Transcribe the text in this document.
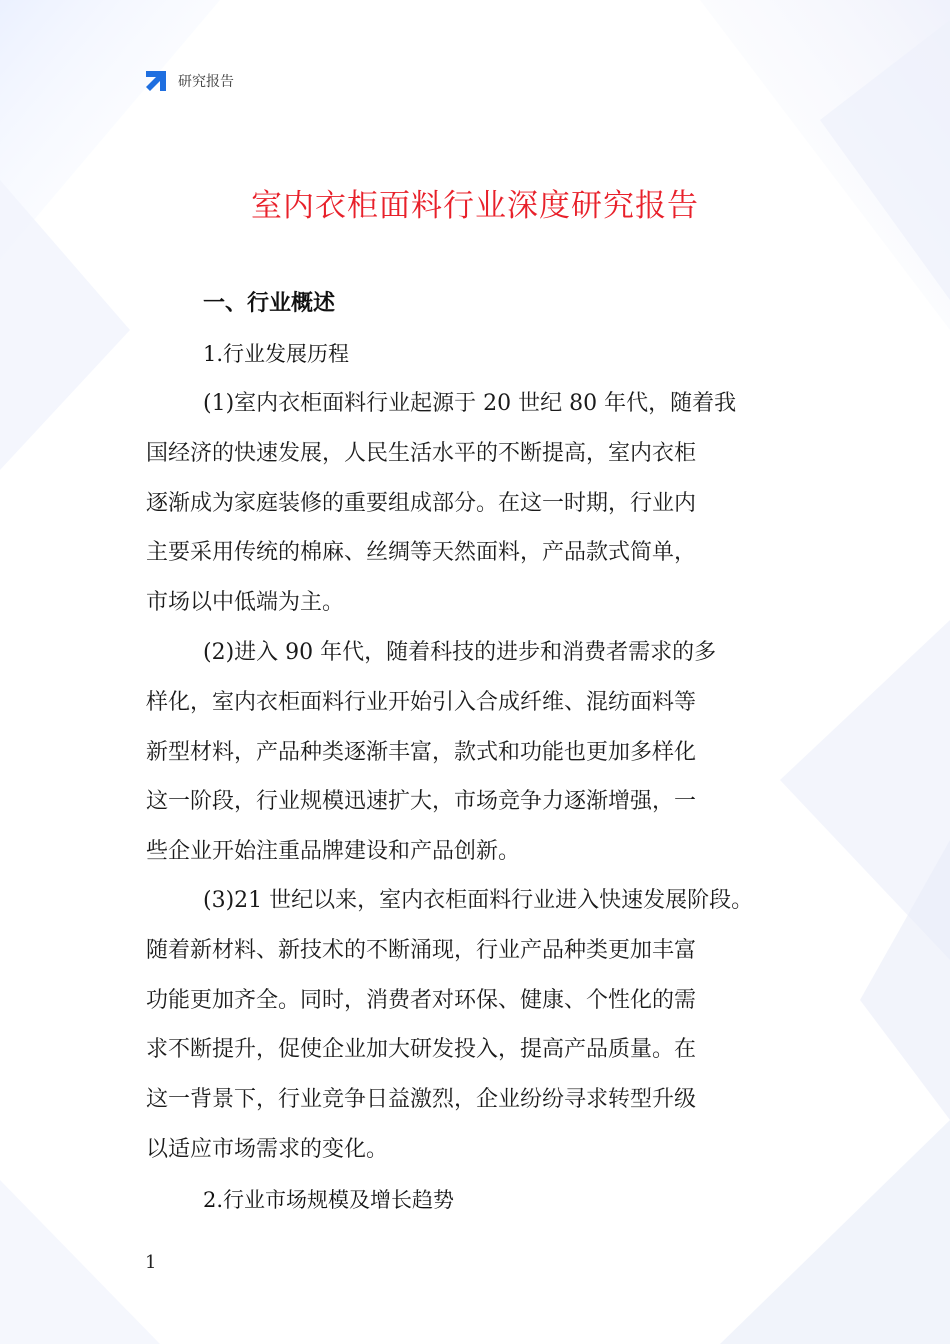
研究报告
室内衣柜面料行业深度研究报告
一、行业概述
1.行业发展历程

(1)室内衣柜面料行业起源于 20 世纪 80 年代，随着我
国经济的快速发展，人民生活水平的不断提高，室内衣柜
逐渐成为家庭装修的重要组成部分。在这一时期，行业内
主要采用传统的棉麻、丝绸等天然面料，产品款式简单，
市场以中低端为主。

(2)进入 90 年代，随着科技的进步和消费者需求的多
样化，室内衣柜面料行业开始引入合成纤维、混纺面料等
新型材料，产品种类逐渐丰富，款式和功能也更加多样化
这一阶段，行业规模迅速扩大，市场竞争力逐渐增强，一
些企业开始注重品牌建设和产品创新。

(3)21 世纪以来，室内衣柜面料行业进入快速发展阶段。
随着新材料、新技术的不断涌现，行业产品种类更加丰富
功能更加齐全。同时，消费者对环保、健康、个性化的需
求不断提升，促使企业加大研发投入，提高产品质量。在
这一背景下，行业竞争日益激烈，企业纷纷寻求转型升级
以适应市场需求的变化。

2.行业市场规模及增长趋势
1
